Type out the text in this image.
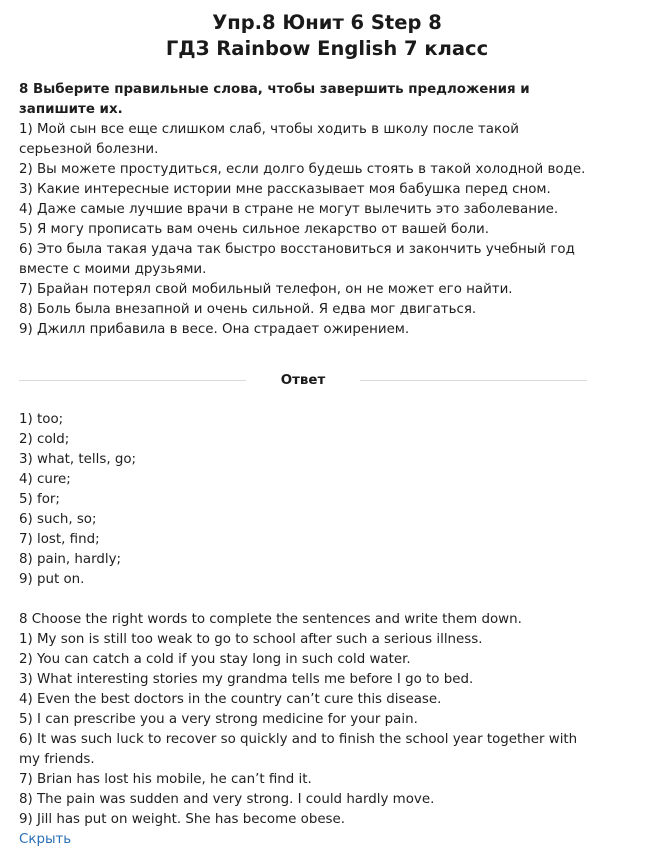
Упр.8 Юнит 6 Step 8
ГДЗ Rainbow English 7 класс
8 Выберите правильные слова, чтобы завершить предложения и запишите их.
1) Мой сын все еще слишком слаб, чтобы ходить в школу после такой серьезной болезни.
2) Вы можете простудиться, если долго будешь стоять в такой холодной воде.
3) Какие интересные истории мне рассказывает моя бабушка перед сном.
4) Даже самые лучшие врачи в стране не могут вылечить это заболевание.
5) Я могу прописать вам очень сильное лекарство от вашей боли.
6) Это была такая удача так быстро восстановиться и закончить учебный год вместе с моими друзьями.
7) Брайан потерял свой мобильный телефон, он не может его найти.
8) Боль была внезапной и очень сильной. Я едва мог двигаться.
9) Джилл прибавила в весе. Она страдает ожирением.
Ответ
1) too;
2) cold;
3) what, tells, go;
4) cure;
5) for;
6) such, so;
7) lost, find;
8) pain, hardly;
9) put on.
8 Choose the right words to complete the sentences and write them down.
1) My son is still too weak to go to school after such a serious illness.
2) You can catch a cold if you stay long in such cold water.
3) What interesting stories my grandma tells me before I go to bed.
4) Even the best doctors in the country can’t cure this disease.
5) I can prescribe you a very strong medicine for your pain.
6) It was such luck to recover so quickly and to finish the school year together with my friends.
7) Brian has lost his mobile, he can’t find it.
8) The pain was sudden and very strong. I could hardly move.
9) Jill has put on weight. She has become obese.
Скрыть
